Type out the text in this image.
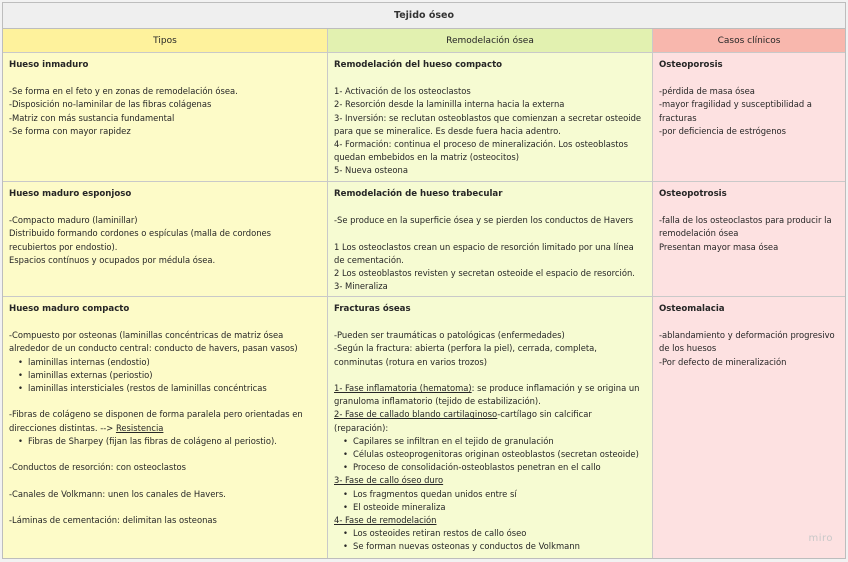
Tejido óseo
Tipos	Remodelación ósea	Casos clínicos
Hueso inmaduro
-Se forma en el feto y en zonas de remodelación ósea.
-Disposición no-laminilar de las fibras colágenas
-Matriz con más sustancia fundamental
-Se forma con mayor rapidez
Remodelación del hueso compacto
1- Activación de los osteoclastos
2- Resorción desde la laminilla interna hacia la externa
3- Inversión: se reclutan osteoblastos que comienzan a secretar osteoide para que se mineralice. Es desde fuera hacia adentro.
4- Formación: continua el proceso de mineralización. Los osteoblastos quedan embebidos en la matriz (osteocitos)
5- Nueva osteona
Osteoporosis
-pérdida de masa ósea
-mayor fragilidad y susceptibilidad a fracturas
-por deficiencia de estrógenos
Hueso maduro esponjoso
-Compacto maduro (laminillar)
Distribuido formando cordones o espículas (malla de cordones recubiertos por endostio).
Espacios contínuos y ocupados por médula ósea.
Remodelación de hueso trabecular
-Se produce en la superficie ósea y se pierden los conductos de Havers
1 Los osteoclastos crean un espacio de resorción limitado por una línea de cementación.
2 Los osteoblastos revisten y secretan osteoide el espacio de resorción.
3- Mineraliza
Osteopotrosis
-falla de los osteoclastos para producir la remodelación ósea
Presentan mayor masa ósea
Hueso maduro compacto
-Compuesto por osteonas (laminillas concéntricas de matriz ósea alrededor de un conducto central: conducto de havers, pasan vasos)
• laminillas internas (endostio)
• laminillas externas (periostio)
• laminillas intersticiales (restos de laminillas concéntricas
-Fibras de colágeno se disponen de forma paralela pero orientadas en direcciones distintas. --> Resistencia
• Fibras de Sharpey (fijan las fibras de colágeno al periostio).
-Conductos de resorción: con osteoclastos
-Canales de Volkmann: unen los canales de Havers.
-Láminas de cementación: delimitan las osteonas
Fracturas óseas
-Pueden ser traumáticas o patológicas (enfermedades)
-Según la fractura: abierta (perfora la piel), cerrada, completa, conminutas (rotura en varios trozos)
1- Fase inflamatoria (hematoma): se produce inflamación y se origina un granuloma inflamatorio (tejido de estabilización).
2- Fase de callado blando cartilaginoso-cartílago sin calcificar (reparación):
• Capilares se infiltran en el tejido de granulación
• Células osteoprogenitoras originan osteoblastos (secretan osteoide)
• Proceso de consolidación-osteoblastos penetran en el callo
3- Fase de callo óseo duro
• Los fragmentos quedan unidos entre sí
• El osteoide mineraliza
4- Fase de remodelación
• Los osteoides retiran restos de callo óseo
• Se forman nuevas osteonas y conductos de Volkmann
Osteomalacia
-ablandamiento y deformación progresivo de los huesos
-Por defecto de mineralización
miro
